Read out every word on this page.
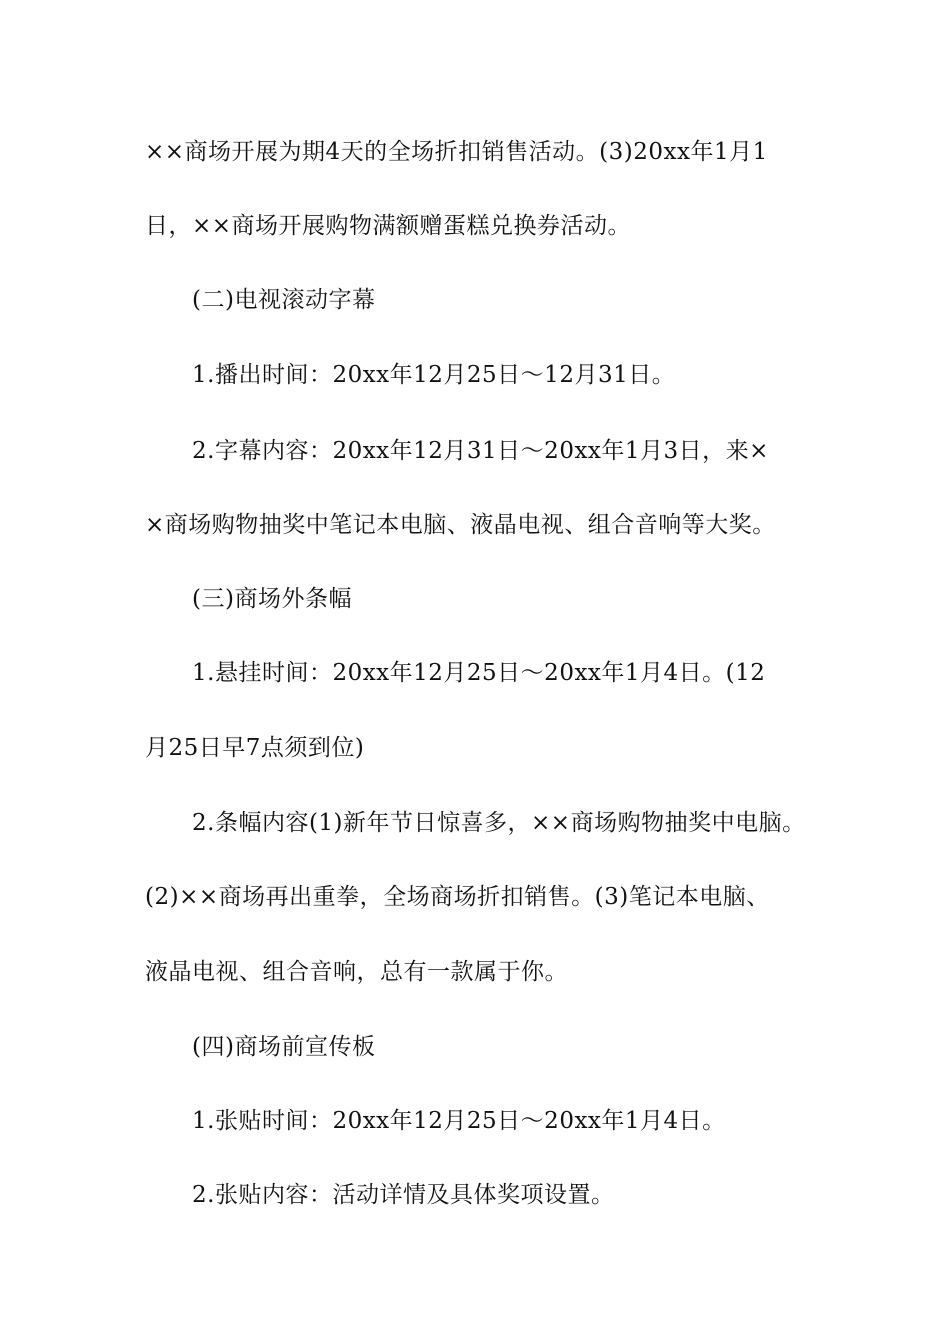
××商场开展为期4天的全场折扣销售活动。(3)20xx年1月1
日，××商场开展购物满额赠蛋糕兑换券活动。
(二)电视滚动字幕
1.播出时间：20xx年12月25日～12月31日。
2.字幕内容：20xx年12月31日～20xx年1月3日，来×
×商场购物抽奖中笔记本电脑、液晶电视、组合音响等大奖。
(三)商场外条幅
1.悬挂时间：20xx年12月25日～20xx年1月4日。(12
月25日早7点须到位)
2.条幅内容(1)新年节日惊喜多，××商场购物抽奖中电脑。
(2)××商场再出重拳，全场商场折扣销售。(3)笔记本电脑、
液晶电视、组合音响，总有一款属于你。
(四)商场前宣传板
1.张贴时间：20xx年12月25日～20xx年1月4日。
2.张贴内容：活动详情及具体奖项设置。
